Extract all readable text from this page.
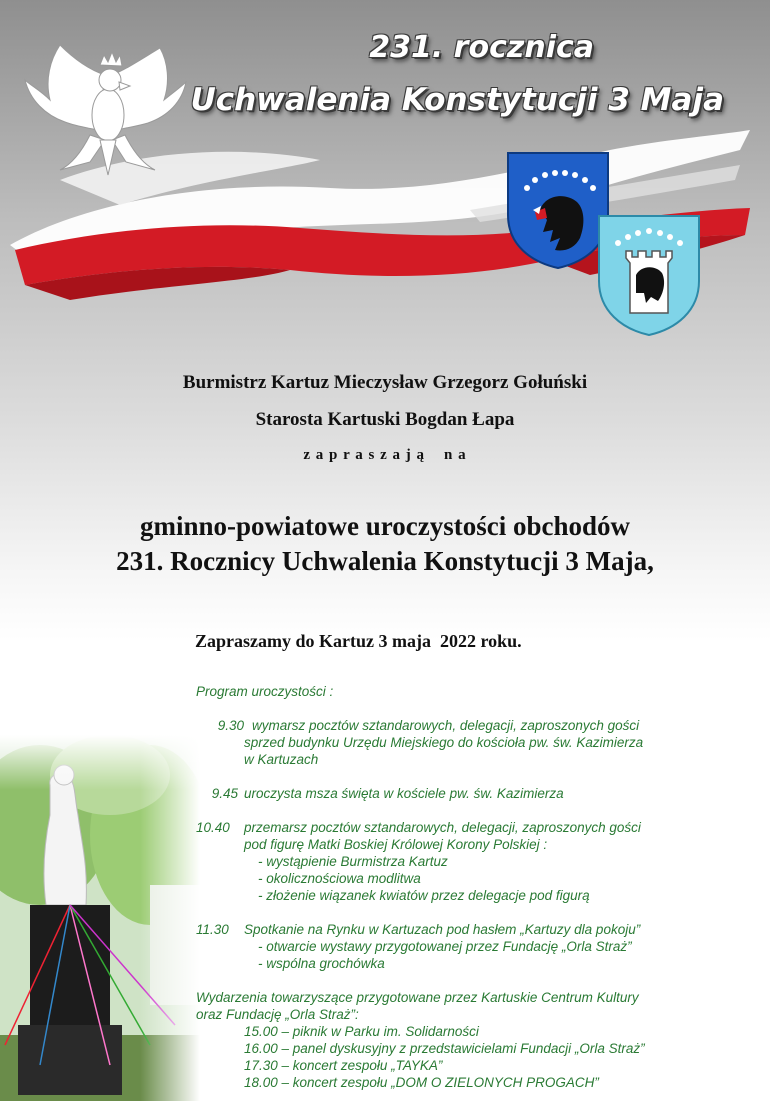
231. rocznica
Uchwalenia Konstytucji 3 Maja
Burmistrz Kartuz Mieczysław Grzegorz Gołuński
Starosta Kartuski Bogdan Łapa
z a p r a s z a j ą    n a
gminno-powiatowe uroczystości obchodów
231. Rocznicy Uchwalenia Konstytucji 3 Maja,
Zapraszamy do Kartuz 3 maja  2022 roku.
Program uroczystości :
9.30 wymarsz pocztów sztandarowych, delegacji, zaproszonych gości
sprzed budynku Urzędu Miejskiego do kościoła pw. św. Kazimierza
w Kartuzach
9.45 uroczysta msza święta w kościele pw. św. Kazimierza
10.40 przemarsz pocztów sztandarowych, delegacji, zaproszonych gości
pod figurę Matki Boskiej Królowej Korony Polskiej :
- wystąpienie Burmistrza Kartuz
- okolicznościowa modlitwa
- złożenie wiązanek kwiatów przez delegacje pod figurą
11.30 Spotkanie na Rynku w Kartuzach pod hasłem „Kartuzy dla pokoju”
- otwarcie wystawy przygotowanej przez Fundację „Orla Straż”
- wspólna grochówka
Wydarzenia towarzyszące przygotowane przez Kartuskie Centrum Kultury
oraz Fundację „Orla Straż”:
15.00 – piknik w Parku im. Solidarności
16.00 – panel dyskusyjny z przedstawicielami Fundacji „Orla Straż”
17.30 – koncert zespołu „TAYKA”
18.00 – koncert zespołu „DOM O ZIELONYCH PROGACH”
